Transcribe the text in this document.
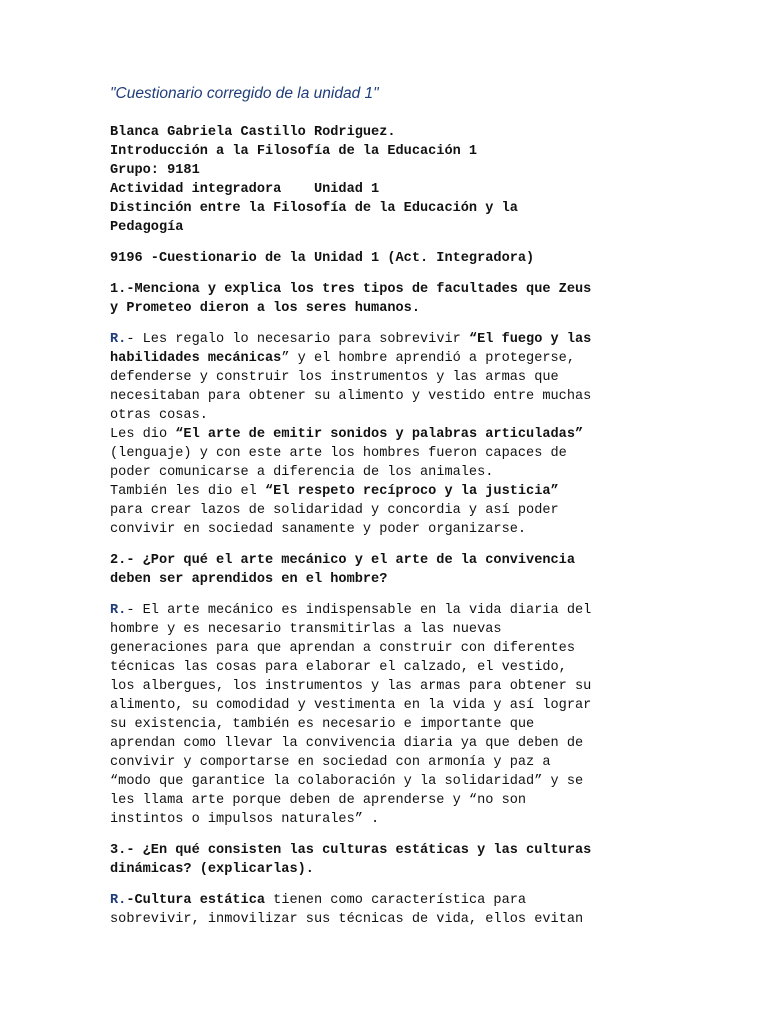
"Cuestionario corregido de la unidad 1"
Blanca Gabriela Castillo Rodriguez.
Introducción a la Filosofía de la Educación 1
Grupo: 9181
Actividad integradora    Unidad 1
Distinción entre la Filosofía de la Educación y la
Pedagogía
9196 -Cuestionario de la Unidad 1 (Act. Integradora)
1.-Menciona y explica los tres tipos de facultades que Zeus
y Prometeo dieron a los seres humanos.
R.- Les regalo lo necesario para sobrevivir “El fuego y las
habilidades mecánicas” y el hombre aprendió a protegerse,
defenderse y construir los instrumentos y las armas que
necesitaban para obtener su alimento y vestido entre muchas
otras cosas.
Les dio “El arte de emitir sonidos y palabras articuladas”
(lenguaje) y con este arte los hombres fueron capaces de
poder comunicarse a diferencia de los animales.
También les dio el “El respeto recíproco y la justicia”
para crear lazos de solidaridad y concordia y así poder
convivir en sociedad sanamente y poder organizarse.
2.- ¿Por qué el arte mecánico y el arte de la convivencia
deben ser aprendidos en el hombre?
R.- El arte mecánico es indispensable en la vida diaria del
hombre y es necesario transmitirlas a las nuevas
generaciones para que aprendan a construir con diferentes
técnicas las cosas para elaborar el calzado, el vestido,
los albergues, los instrumentos y las armas para obtener su
alimento, su comodidad y vestimenta en la vida y así lograr
su existencia, también es necesario e importante que
aprendan como llevar la convivencia diaria ya que deben de
convivir y comportarse en sociedad con armonía y paz a
“modo que garantice la colaboración y la solidaridad” y se
les llama arte porque deben de aprenderse y “no son
instintos o impulsos naturales” .
3.- ¿En qué consisten las culturas estáticas y las culturas
dinámicas? (explicarlas).
R.-Cultura estática tienen como característica para
sobrevivir, inmovilizar sus técnicas de vida, ellos evitan
